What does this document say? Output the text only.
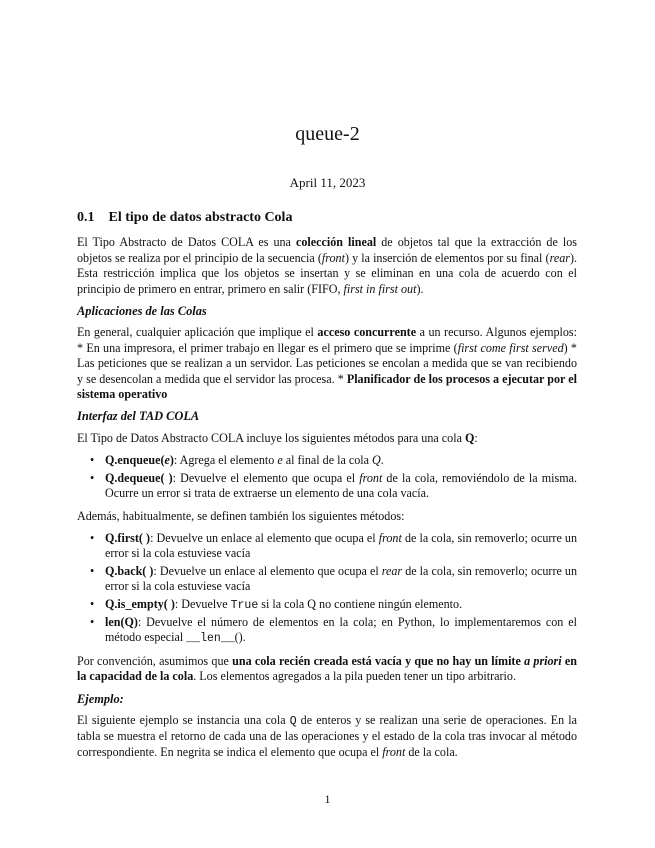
queue-2
April 11, 2023
0.1 El tipo de datos abstracto Cola

El Tipo Abstracto de Datos COLA es una colección lineal de objetos tal que la extracción de los objetos se realiza por el principio de la secuencia (front) y la inserción de elementos por su final (rear). Esta restricción implica que los objetos se insertan y se eliminan en una cola de acuerdo con el principio de primero en entrar, primero en salir (FIFO, first in first out).

Aplicaciones de las Colas

En general, cualquier aplicación que implique el acceso concurrente a un recurso. Algunos ejemplos: * En una impresora, el primer trabajo en llegar es el primero que se imprime (first come first served) * Las peticiones que se realizan a un servidor. Las peticiones se encolan a medida que se van recibiendo y se desencolan a medida que el servidor las procesa. * Planificador de los procesos a ejecutar por el sistema operativo

Interfaz del TAD COLA

El Tipo de Datos Abstracto COLA incluye los siguientes métodos para una cola Q:

• Q.enqueue(e): Agrega el elemento e al final de la cola Q.
• Q.dequeue( ): Devuelve el elemento que ocupa el front de la cola, removiéndolo de la misma. Ocurre un error si trata de extraerse un elemento de una cola vacía.

Además, habitualmente, se definen también los siguientes métodos:

• Q.first( ): Devuelve un enlace al elemento que ocupa el front de la cola, sin removerlo; ocurre un error si la cola estuviese vacía
• Q.back( ): Devuelve un enlace al elemento que ocupa el rear de la cola, sin removerlo; ocurre un error si la cola estuviese vacía
• Q.is_empty( ): Devuelve True si la cola Q no contiene ningún elemento.
• len(Q): Devuelve el número de elementos en la cola; en Python, lo implementaremos con el método especial __len__().

Por convención, asumimos que una cola recién creada está vacía y que no hay un límite a priori en la capacidad de la cola. Los elementos agregados a la pila pueden tener un tipo arbitrario.

Ejemplo:

El siguiente ejemplo se instancia una cola Q de enteros y se realizan una serie de operaciones. En la tabla se muestra el retorno de cada una de las operaciones y el estado de la cola tras invocar al método correspondiente. En negrita se indica el elemento que ocupa el front de la cola.

1
